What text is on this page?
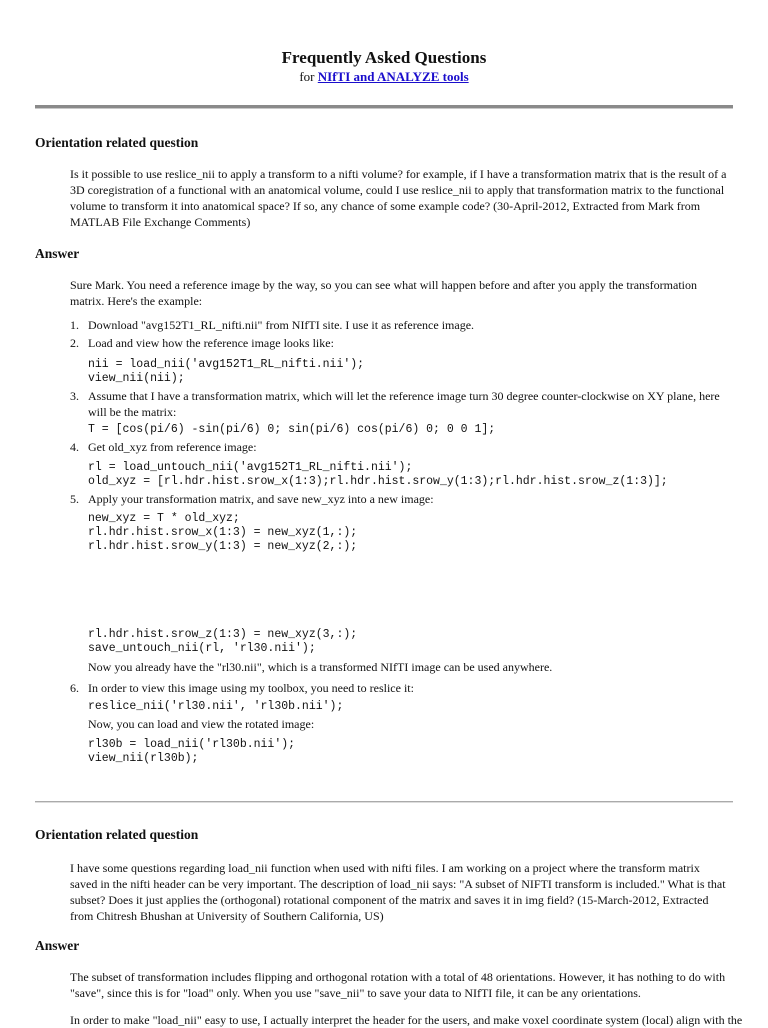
Frequently Asked Questions
for NIfTI and ANALYZE tools
Orientation related question
Is it possible to use reslice_nii to apply a transform to a nifti volume? for example, if I have a transformation matrix that is the result of a 3D coregistration of a functional with an anatomical volume, could I use reslice_nii to apply that transformation matrix to the functional volume to transform it into anatomical space? If so, any chance of some example code? (30-April-2012, Extracted from Mark from MATLAB File Exchange Comments)
Answer
Sure Mark. You need a reference image by the way, so you can see what will happen before and after you apply the transformation matrix. Here's the example:
1. Download "avg152T1_RL_nifti.nii" from NIfTI site. I use it as reference image.
2. Load and view how the reference image looks like:
nii = load_nii('avg152T1_RL_nifti.nii');
view_nii(nii);
3. Assume that I have a transformation matrix, which will let the reference image turn 30 degree counter-clockwise on XY plane, here will be the matrix:
T = [cos(pi/6) -sin(pi/6) 0; sin(pi/6) cos(pi/6) 0; 0 0 1];
4. Get old_xyz from reference image:
rl = load_untouch_nii('avg152T1_RL_nifti.nii');
old_xyz = [rl.hdr.hist.srow_x(1:3);rl.hdr.hist.srow_y(1:3);rl.hdr.hist.srow_z(1:3)];
5. Apply your transformation matrix, and save new_xyz into a new image:
new_xyz = T * old_xyz;
rl.hdr.hist.srow_x(1:3) = new_xyz(1,:);
rl.hdr.hist.srow_y(1:3) = new_xyz(2,:);
rl.hdr.hist.srow_z(1:3) = new_xyz(3,:);
save_untouch_nii(rl, 'rl30.nii');
Now you already have the "rl30.nii", which is a transformed NIfTI image can be used anywhere.
6. In order to view this image using my toolbox, you need to reslice it:
reslice_nii('rl30.nii', 'rl30b.nii');
Now, you can load and view the rotated image:
rl30b = load_nii('rl30b.nii');
view_nii(rl30b);
Orientation related question
I have some questions regarding load_nii function when used with nifti files. I am working on a project where the transform matrix saved in the nifti header can be very important. The description of load_nii says: "A subset of NIFTI transform is included." What is that subset? Does it just applies the (orthogonal) rotational component of the matrix and saves it in img field? (15-March-2012, Extracted from Chitresh Bhushan at University of Southern California, US)
Answer
The subset of transformation includes flipping and orthogonal rotation with a total of 48 orientations. However, it has nothing to do with "save", since this is for "load" only. When you use "save_nii" to save your data to NIfTI file, it can be any orientations.
In order to make "load_nii" easy to use, I actually interpret the header for the users, and make voxel coordinate system (local) align with the
